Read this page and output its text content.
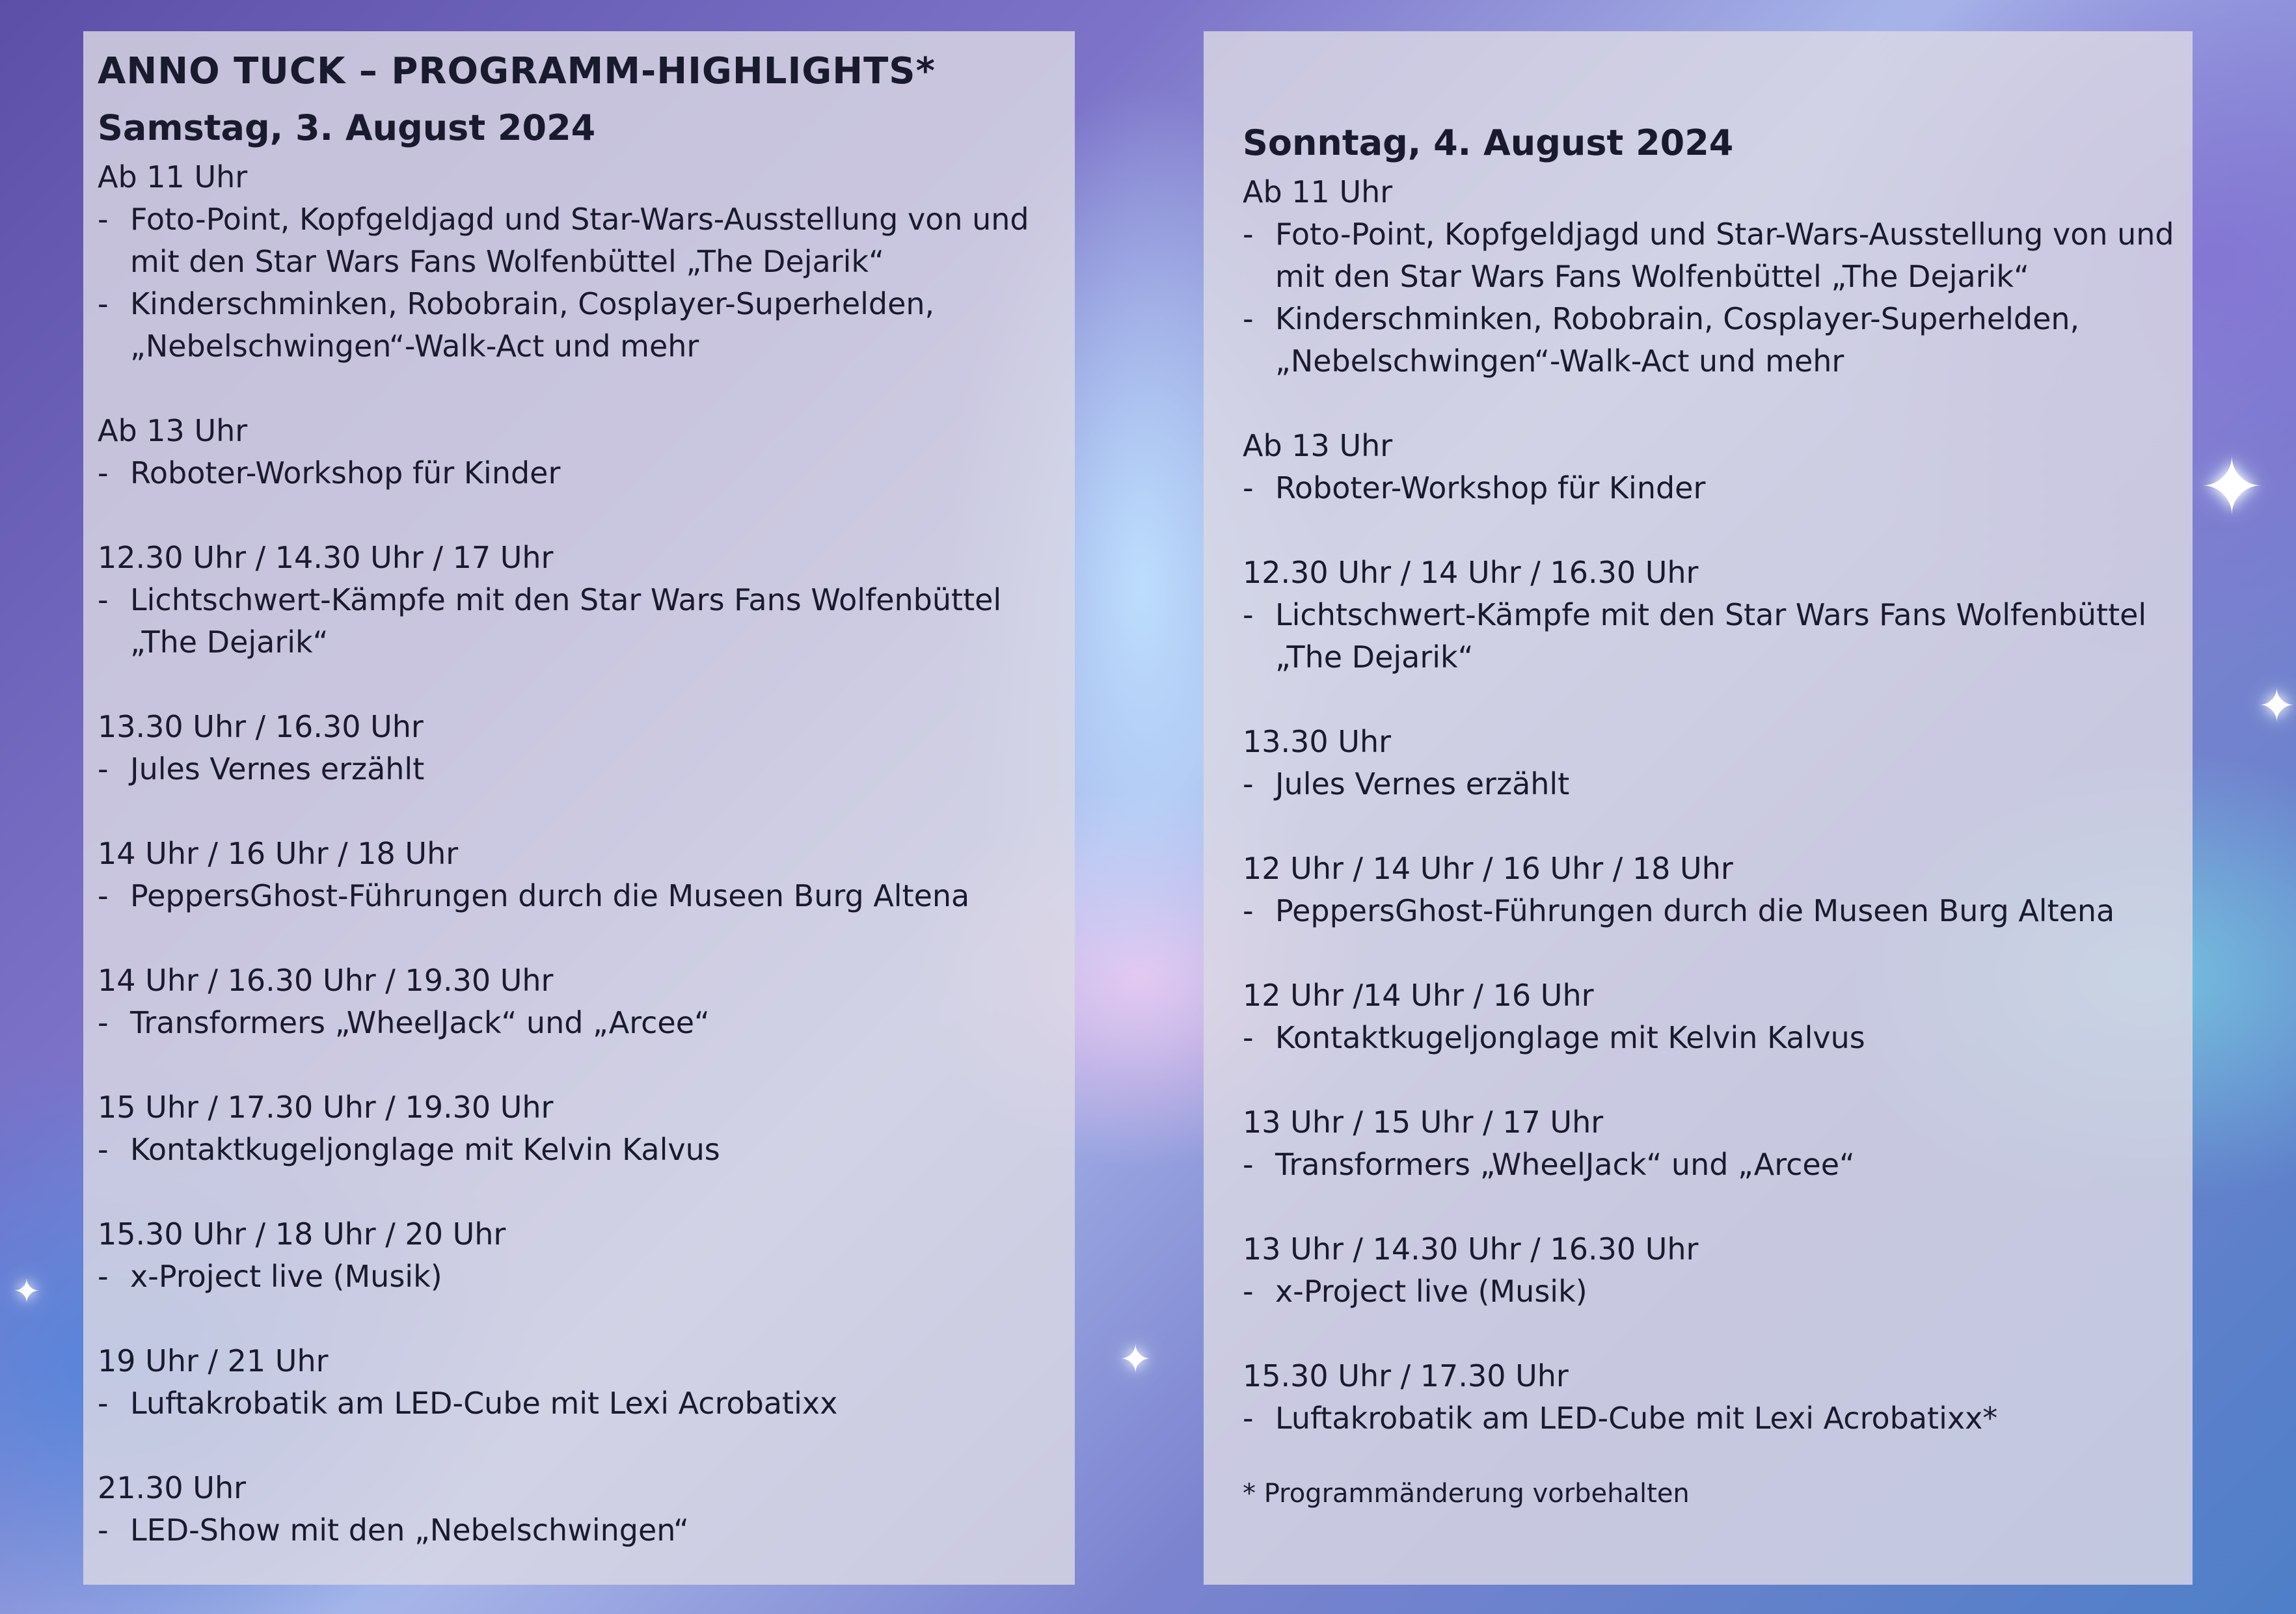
✦
✦
✦
✦
ANNO TUCK – PROGRAMM-HIGHLIGHTS*
Samstag, 3. August 2024
Ab 11 Uhr
- Foto-Point, Kopfgeldjagd und Star-Wars-Ausstellung von und mit den Star Wars Fans Wolfenbüttel „The Dejarik“
- Kinderschminken, Robobrain, Cosplayer-Superhelden, „Nebelschwingen“-Walk-Act und mehr
Ab 13 Uhr
- Roboter-Workshop für Kinder
12.30 Uhr / 14.30 Uhr / 17 Uhr
- Lichtschwert-Kämpfe mit den Star Wars Fans Wolfenbüttel „The Dejarik“
13.30 Uhr / 16.30 Uhr
- Jules Vernes erzählt
14 Uhr / 16 Uhr / 18 Uhr
- PeppersGhost-Führungen durch die Museen Burg Altena
14 Uhr / 16.30 Uhr / 19.30 Uhr
- Transformers „WheelJack“ und „Arcee“
15 Uhr / 17.30 Uhr / 19.30 Uhr
- Kontaktkugeljonglage mit Kelvin Kalvus
15.30 Uhr / 18 Uhr / 20 Uhr
- x-Project live (Musik)
19 Uhr / 21 Uhr
- Luftakrobatik am LED-Cube mit Lexi Acrobatixx
21.30 Uhr
- LED-Show mit den „Nebelschwingen“
Sonntag, 4. August 2024
Ab 11 Uhr
- Foto-Point, Kopfgeldjagd und Star-Wars-Ausstellung von und mit den Star Wars Fans Wolfenbüttel „The Dejarik“
- Kinderschminken, Robobrain, Cosplayer-Superhelden, „Nebelschwingen“-Walk-Act und mehr
Ab 13 Uhr
- Roboter-Workshop für Kinder
12.30 Uhr / 14 Uhr / 16.30 Uhr
- Lichtschwert-Kämpfe mit den Star Wars Fans Wolfenbüttel „The Dejarik“
13.30 Uhr
- Jules Vernes erzählt
12 Uhr / 14 Uhr / 16 Uhr / 18 Uhr
- PeppersGhost-Führungen durch die Museen Burg Altena
12 Uhr /14 Uhr / 16 Uhr
- Kontaktkugeljonglage mit Kelvin Kalvus
13 Uhr / 15 Uhr / 17 Uhr
- Transformers „WheelJack“ und „Arcee“
13 Uhr / 14.30 Uhr / 16.30 Uhr
- x-Project live (Musik)
15.30 Uhr / 17.30 Uhr
- Luftakrobatik am LED-Cube mit Lexi Acrobatixx*
* Programmänderung vorbehalten
